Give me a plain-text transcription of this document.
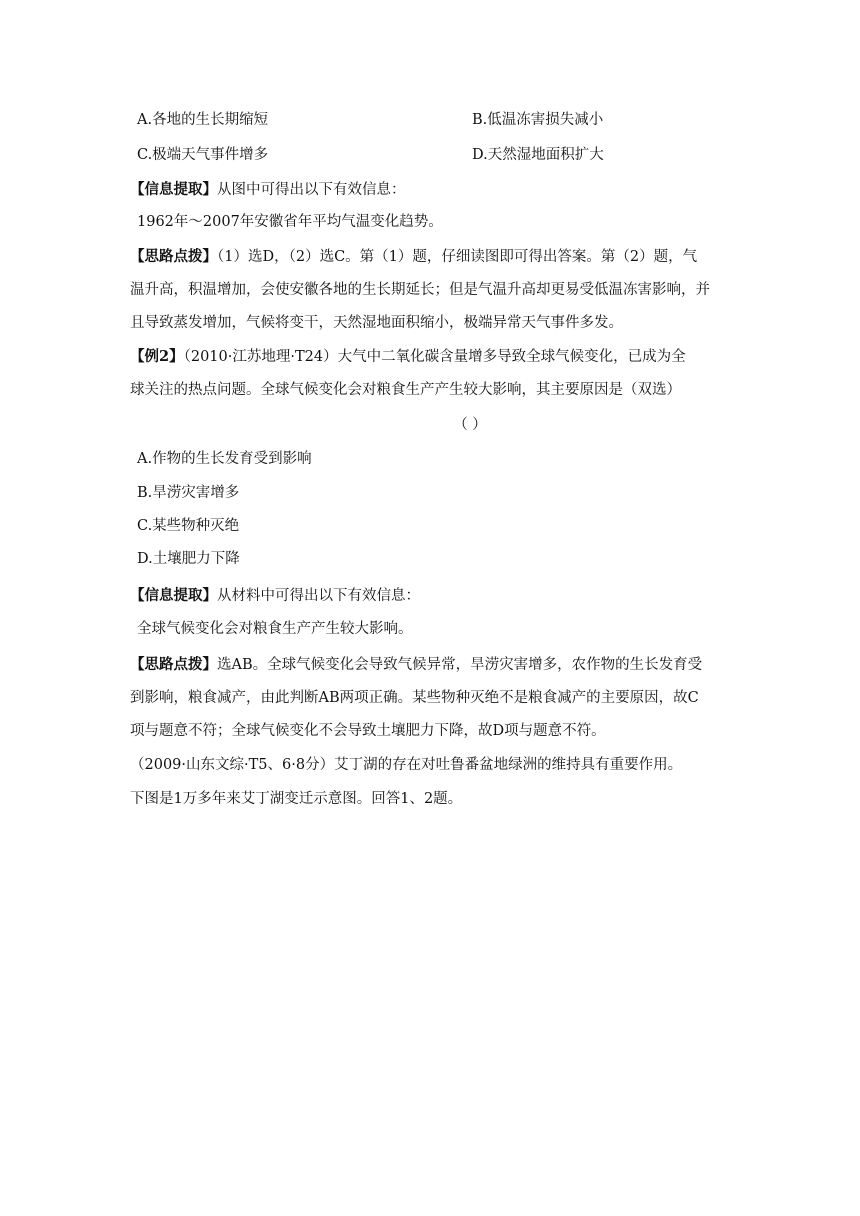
A.各地的生长期缩短	B.低温冻害损失减小
C.极端天气事件增多	D.天然湿地面积扩大
【信息提取】从图中可得出以下有效信息：
1962年～2007年安徽省年平均气温变化趋势。
【思路点拨】（1）选D，（2）选C。第（1）题，仔细读图即可得出答案。第（2）题，气
温升高，积温增加，会使安徽各地的生长期延长；但是气温升高却更易受低温冻害影响，并
且导致蒸发增加，气候将变干，天然湿地面积缩小，极端异常天气事件多发。
【例2】（2010·江苏地理·T24）大气中二氧化碳含量增多导致全球气候变化，已成为全
球关注的热点问题。全球气候变化会对粮食生产产生较大影响，其主要原因是（双选）
（ ）
A.作物的生长发育受到影响
B.旱涝灾害增多
C.某些物种灭绝
D.土壤肥力下降
【信息提取】从材料中可得出以下有效信息：
全球气候变化会对粮食生产产生较大影响。
【思路点拨】选AB。全球气候变化会导致气候异常，旱涝灾害增多，农作物的生长发育受
到影响，粮食减产，由此判断AB两项正确。某些物种灭绝不是粮食减产的主要原因，故C
项与题意不符；全球气候变化不会导致土壤肥力下降，故D项与题意不符。
（2009·山东文综·T5、6·8分）艾丁湖的存在对吐鲁番盆地绿洲的维持具有重要作用。
下图是1万多年来艾丁湖变迁示意图。回答1、2题。
